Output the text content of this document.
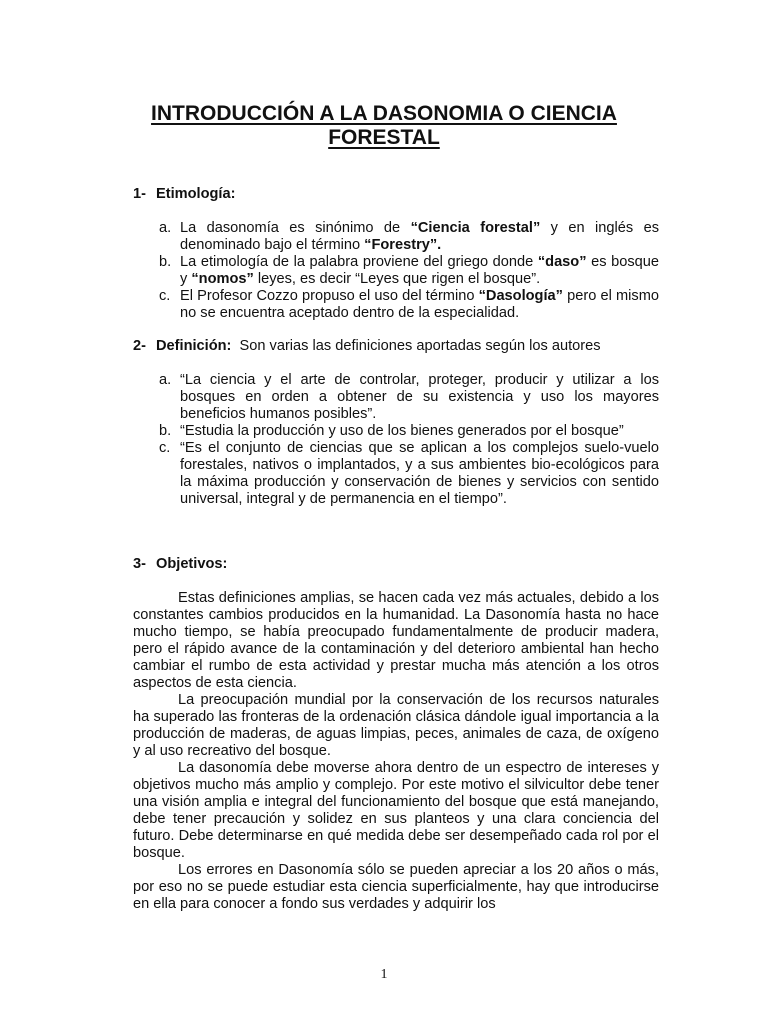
INTRODUCCIÓN A LA DASONOMIA O CIENCIA
FORESTAL
1- Etimología:
a. La dasonomía es sinónimo de “Ciencia forestal” y en inglés es denominado bajo el término “Forestry”.
b. La etimología de la palabra proviene del griego donde “daso” es bosque y “nomos” leyes, es decir “Leyes que rigen el bosque”.
c. El Profesor Cozzo propuso el uso del término “Dasología” pero el mismo no se encuentra aceptado dentro de la especialidad.
2- Definición: Son varias las definiciones aportadas según los autores
a. “La ciencia y el arte de controlar, proteger, producir y utilizar a los bosques en orden a obtener de su existencia y uso los mayores beneficios humanos posibles”.
b. “Estudia la producción y uso de los bienes generados por el bosque”
c. “Es el conjunto de ciencias que se aplican a los complejos suelo-vuelo forestales, nativos o implantados, y a sus ambientes bio-ecológicos para la máxima producción y conservación de bienes y servicios con sentido universal, integral y de permanencia en el tiempo”.
3- Objetivos:

Estas definiciones amplias, se hacen cada vez más actuales, debido a los constantes cambios producidos en la humanidad. La Dasonomía hasta no hace mucho tiempo, se había preocupado fundamentalmente de producir madera, pero el rápido avance de la contaminación y del deterioro ambiental han hecho cambiar el rumbo de esta actividad y prestar mucha más atención a los otros aspectos de esta ciencia.

La preocupación mundial por la conservación de los recursos naturales ha superado las fronteras de la ordenación clásica dándole igual importancia a la producción de maderas, de aguas limpias, peces, animales de caza, de oxígeno y al uso recreativo del bosque.

La dasonomía debe moverse ahora dentro de un espectro de intereses y objetivos mucho más amplio y complejo. Por este motivo el silvicultor debe tener una visión amplia e integral del funcionamiento del bosque que está manejando, debe tener precaución y solidez en sus planteos y una clara conciencia del futuro. Debe determinarse en qué medida debe ser desempeñado cada rol por el bosque.

Los errores en Dasonomía sólo se pueden apreciar a los 20 años o más, por eso no se puede estudiar esta ciencia superficialmente, hay que introducirse en ella para conocer a fondo sus verdades y adquirir los

1
